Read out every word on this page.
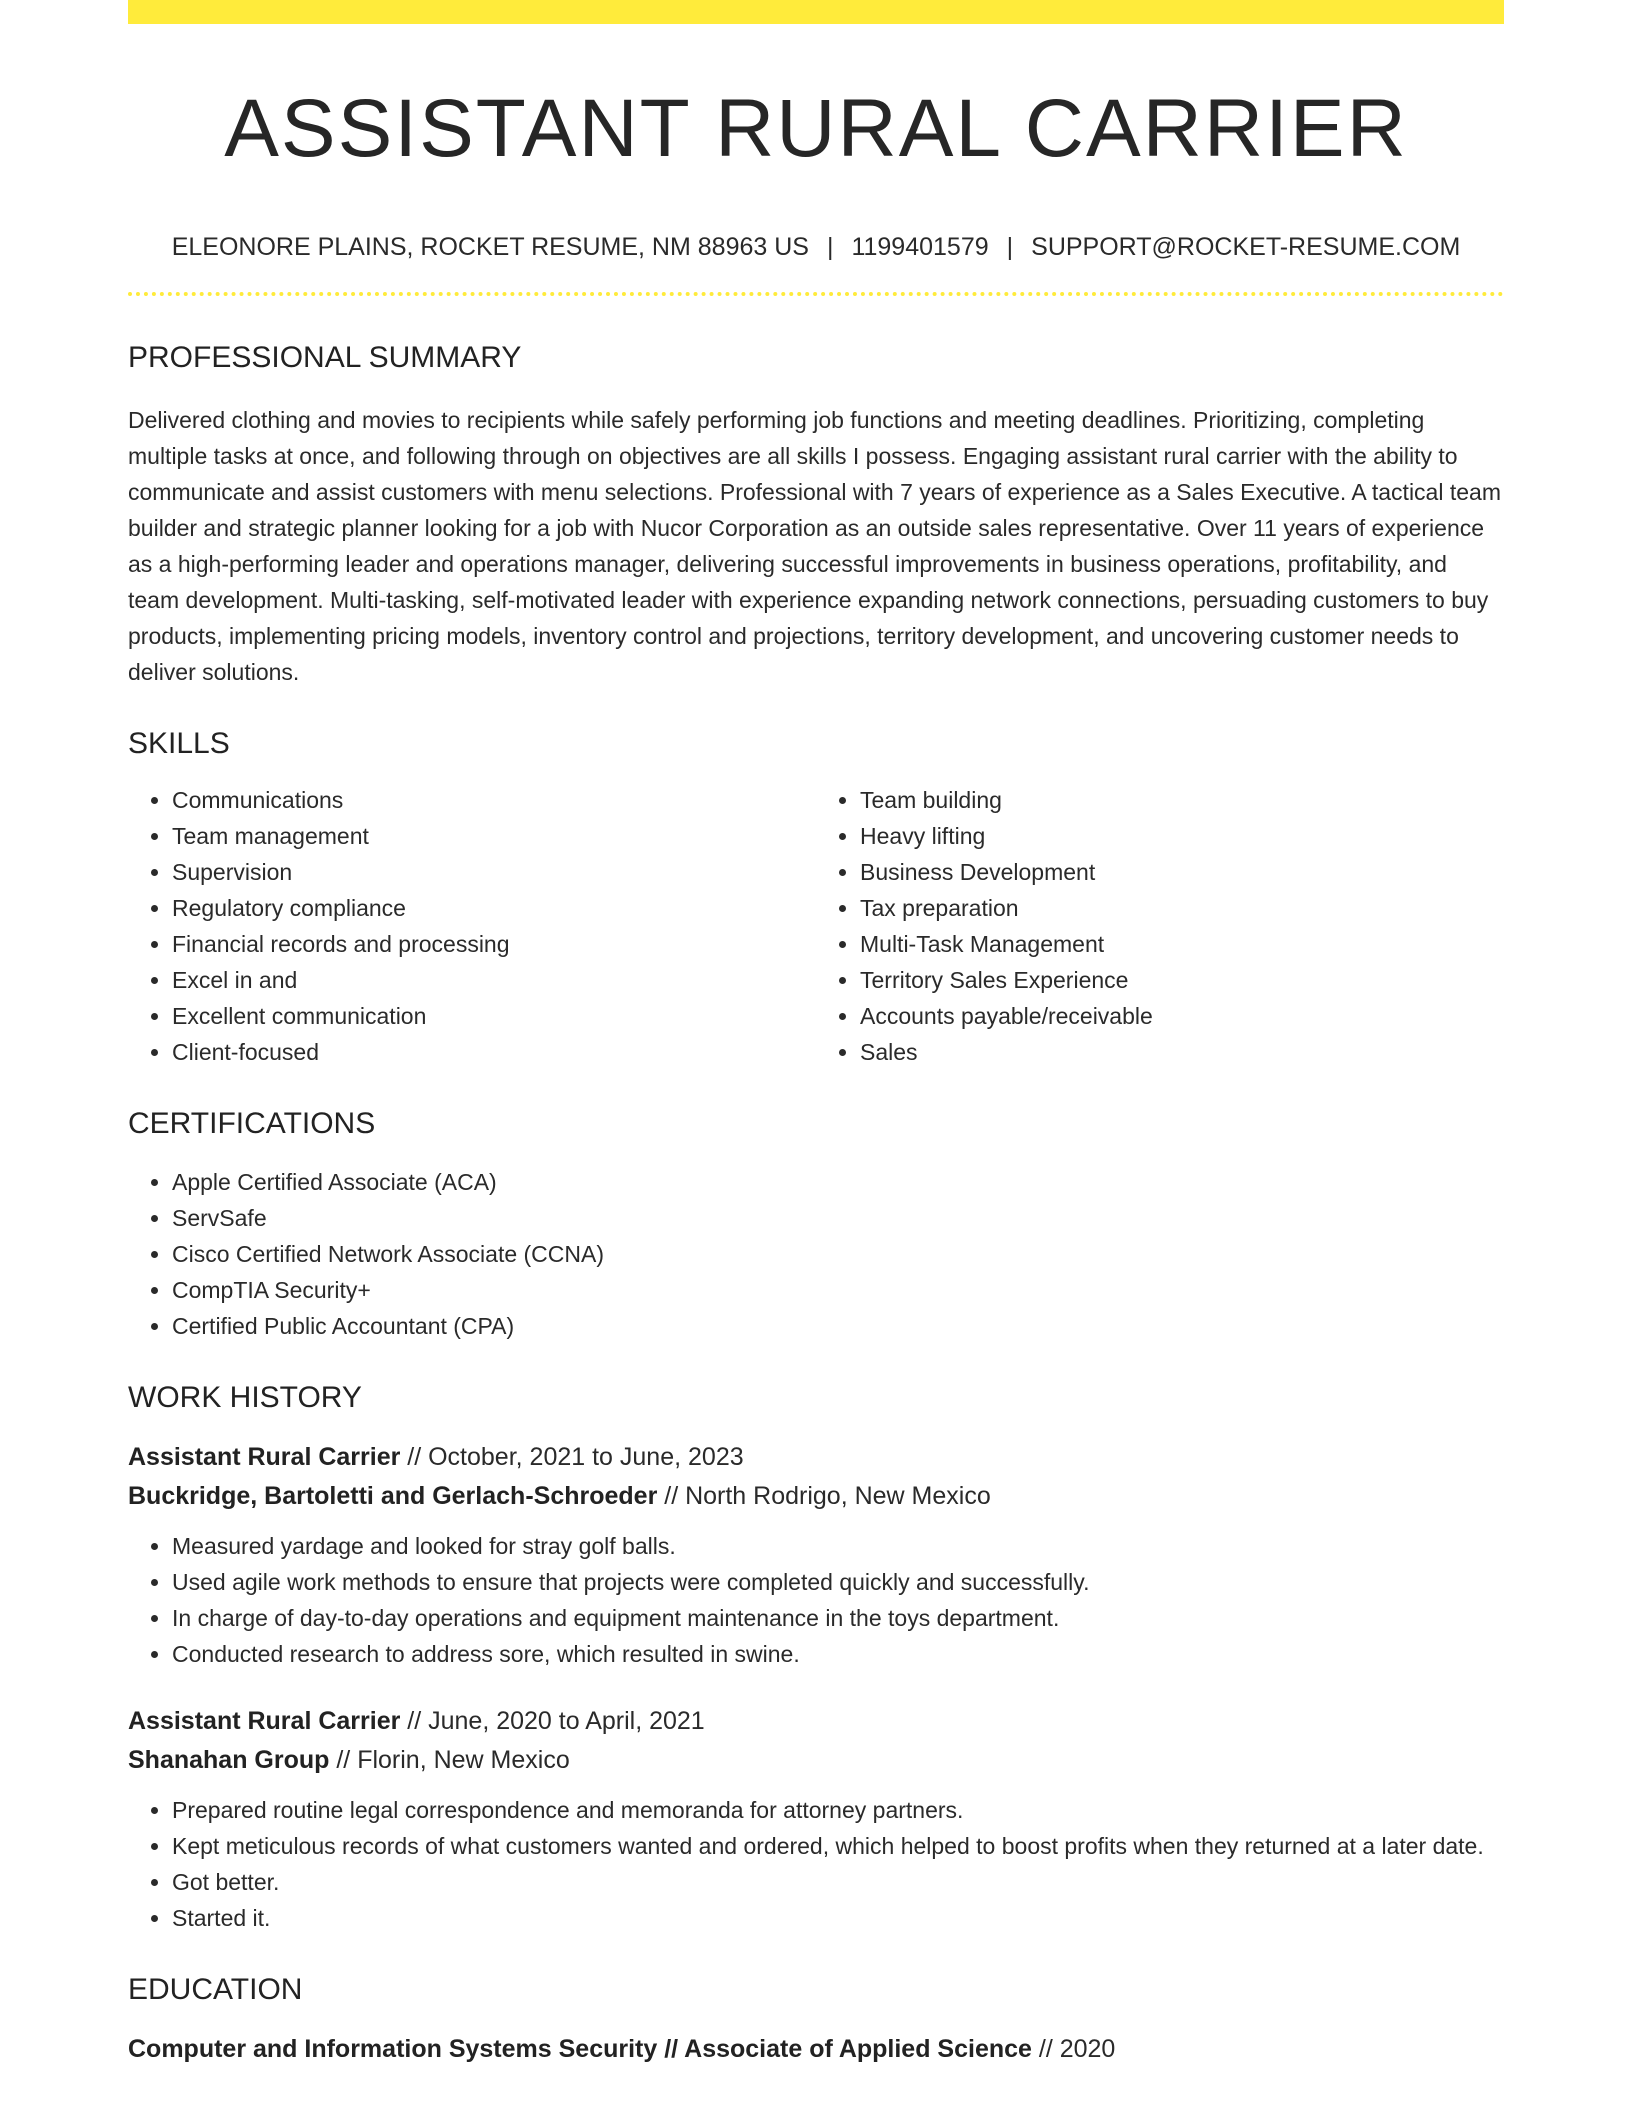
ASSISTANT RURAL CARRIER
ELEONORE PLAINS, ROCKET RESUME, NM 88963 US | 1199401579 | SUPPORT@ROCKET-RESUME.COM
PROFESSIONAL SUMMARY

Delivered clothing and movies to recipients while safely performing job functions and meeting deadlines. Prioritizing, completing multiple tasks at once, and following through on objectives are all skills I possess. Engaging assistant rural carrier with the ability to communicate and assist customers with menu selections. Professional with 7 years of experience as a Sales Executive. A tactical team builder and strategic planner looking for a job with Nucor Corporation as an outside sales representative. Over 11 years of experience as a high-performing leader and operations manager, delivering successful improvements in business operations, profitability, and team development. Multi-tasking, self-motivated leader with experience expanding network connections, persuading customers to buy products, implementing pricing models, inventory control and projections, territory development, and uncovering customer needs to deliver solutions.

SKILLS
• Communications
• Team management
• Supervision
• Regulatory compliance
• Financial records and processing
• Excel in and
• Excellent communication
• Client-focused
• Team building
• Heavy lifting
• Business Development
• Tax preparation
• Multi-Task Management
• Territory Sales Experience
• Accounts payable/receivable
• Sales
CERTIFICATIONS
• Apple Certified Associate (ACA)
• ServSafe
• Cisco Certified Network Associate (CCNA)
• CompTIA Security+
• Certified Public Accountant (CPA)
WORK HISTORY
Assistant Rural Carrier // October, 2021 to June, 2023
Buckridge, Bartoletti and Gerlach-Schroeder // North Rodrigo, New Mexico
• Measured yardage and looked for stray golf balls.
• Used agile work methods to ensure that projects were completed quickly and successfully.
• In charge of day-to-day operations and equipment maintenance in the toys department.
• Conducted research to address sore, which resulted in swine.
Assistant Rural Carrier // June, 2020 to April, 2021
Shanahan Group // Florin, New Mexico
• Prepared routine legal correspondence and memoranda for attorney partners.
• Kept meticulous records of what customers wanted and ordered, which helped to boost profits when they returned at a later date.
• Got better.
• Started it.
EDUCATION
Computer and Information Systems Security // Associate of Applied Science // 2020
